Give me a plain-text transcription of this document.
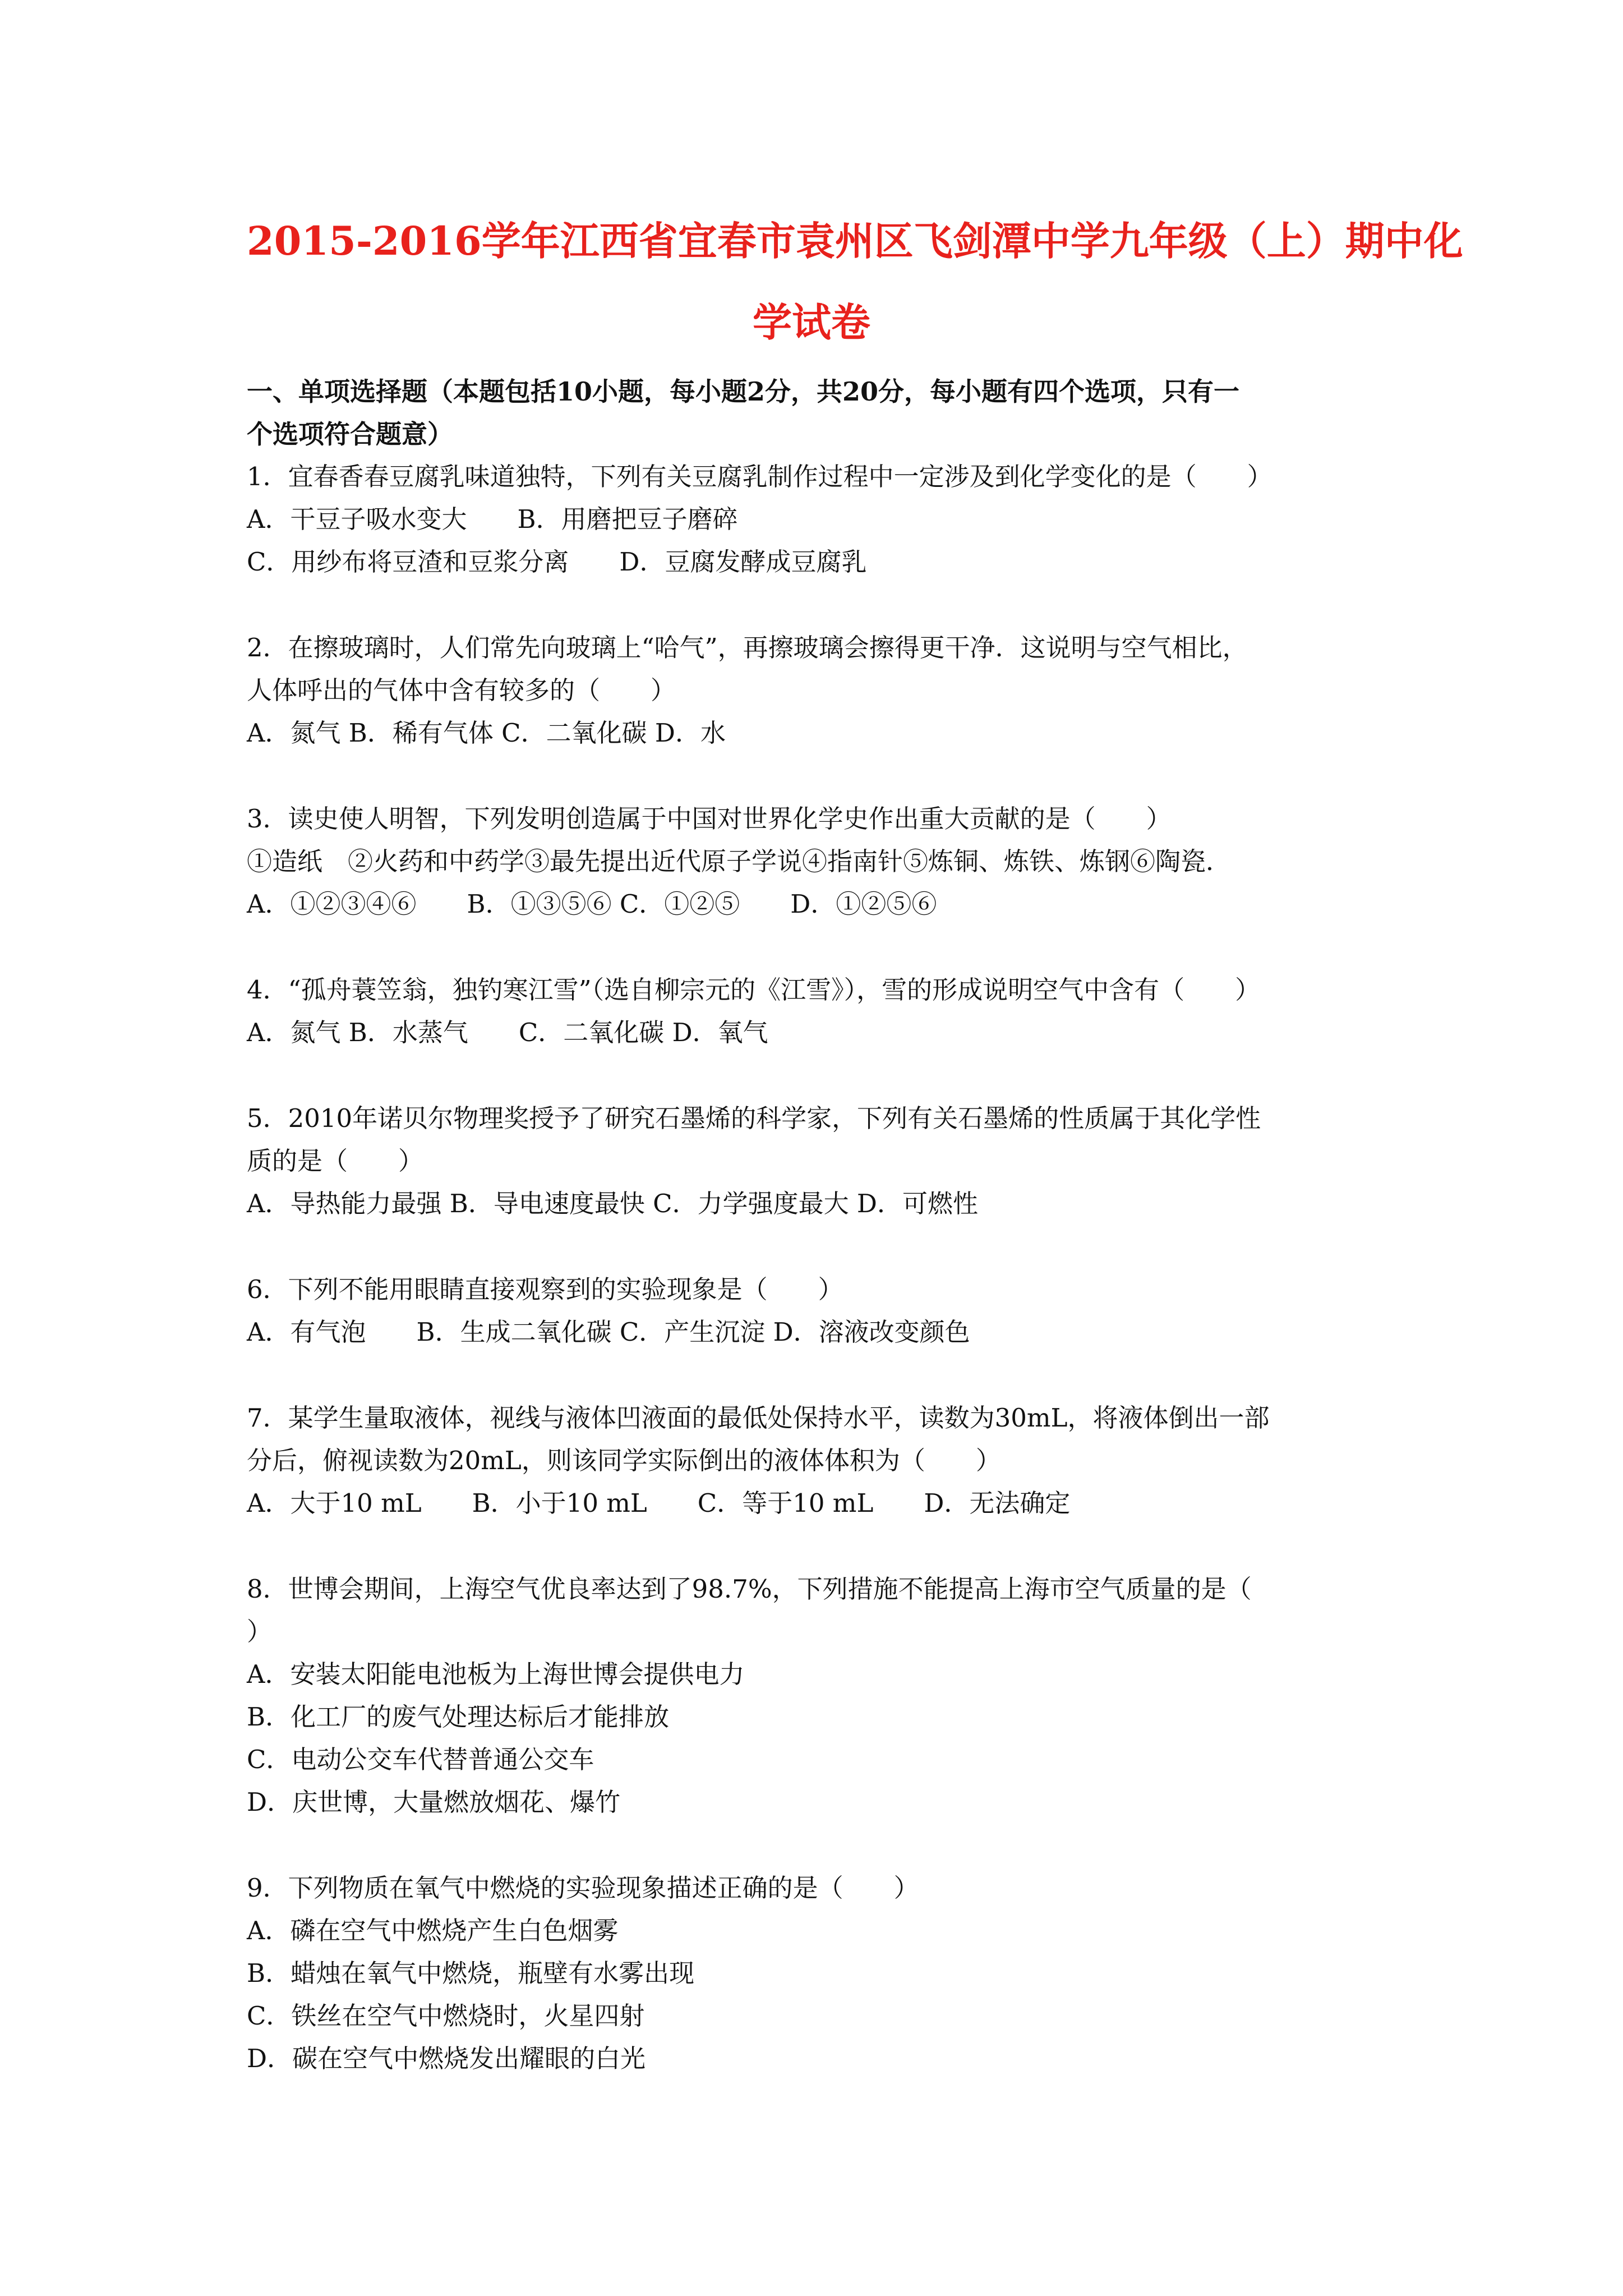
2015-2016学年江西省宜春市袁州区飞剑潭中学九年级（上）期中化
学试卷
一、单项选择题（本题包括10小题，每小题2分，共20分，每小题有四个选项，只有一
个选项符合题意）
1．宜春香春豆腐乳味道独特，下列有关豆腐乳制作过程中一定涉及到化学变化的是（　　）
A．干豆子吸水变大　　B．用磨把豆子磨碎
C．用纱布将豆渣和豆浆分离　　D．豆腐发酵成豆腐乳
2．在擦玻璃时，人们常先向玻璃上“哈气”，再擦玻璃会擦得更干净．这说明与空气相比，
人体呼出的气体中含有较多的（　　）
A．氮气 B．稀有气体 C．二氧化碳 D．水
3．读史使人明智，下列发明创造属于中国对世界化学史作出重大贡献的是（　　）
①造纸　②火药和中药学③最先提出近代原子学说④指南针⑤炼铜、炼铁、炼钢⑥陶瓷．
A．①②③④⑥　　B．①③⑤⑥ C．①②⑤　　D．①②⑤⑥
4．“孤舟蓑笠翁，独钓寒江雪”（选自柳宗元的《江雪》），雪的形成说明空气中含有（　　）
A．氮气 B．水蒸气　　C．二氧化碳 D．氧气
5．2010年诺贝尔物理奖授予了研究石墨烯的科学家，下列有关石墨烯的性质属于其化学性
质的是（　　）
A．导热能力最强 B．导电速度最快 C．力学强度最大 D．可燃性
6．下列不能用眼睛直接观察到的实验现象是（　　）
A．有气泡　　B．生成二氧化碳 C．产生沉淀 D．溶液改变颜色
7．某学生量取液体，视线与液体凹液面的最低处保持水平，读数为30mL，将液体倒出一部
分后，俯视读数为20mL，则该同学实际倒出的液体体积为（　　）
A．大于10 mL　　B．小于10 mL　　C．等于10 mL　　D．无法确定
8．世博会期间，上海空气优良率达到了98.7%，下列措施不能提高上海市空气质量的是（
）
A．安装太阳能电池板为上海世博会提供电力
B．化工厂的废气处理达标后才能排放
C．电动公交车代替普通公交车
D．庆世博，大量燃放烟花、爆竹
9．下列物质在氧气中燃烧的实验现象描述正确的是（　　）
A．磷在空气中燃烧产生白色烟雾
B．蜡烛在氧气中燃烧，瓶壁有水雾出现
C．铁丝在空气中燃烧时，火星四射
D．碳在空气中燃烧发出耀眼的白光
